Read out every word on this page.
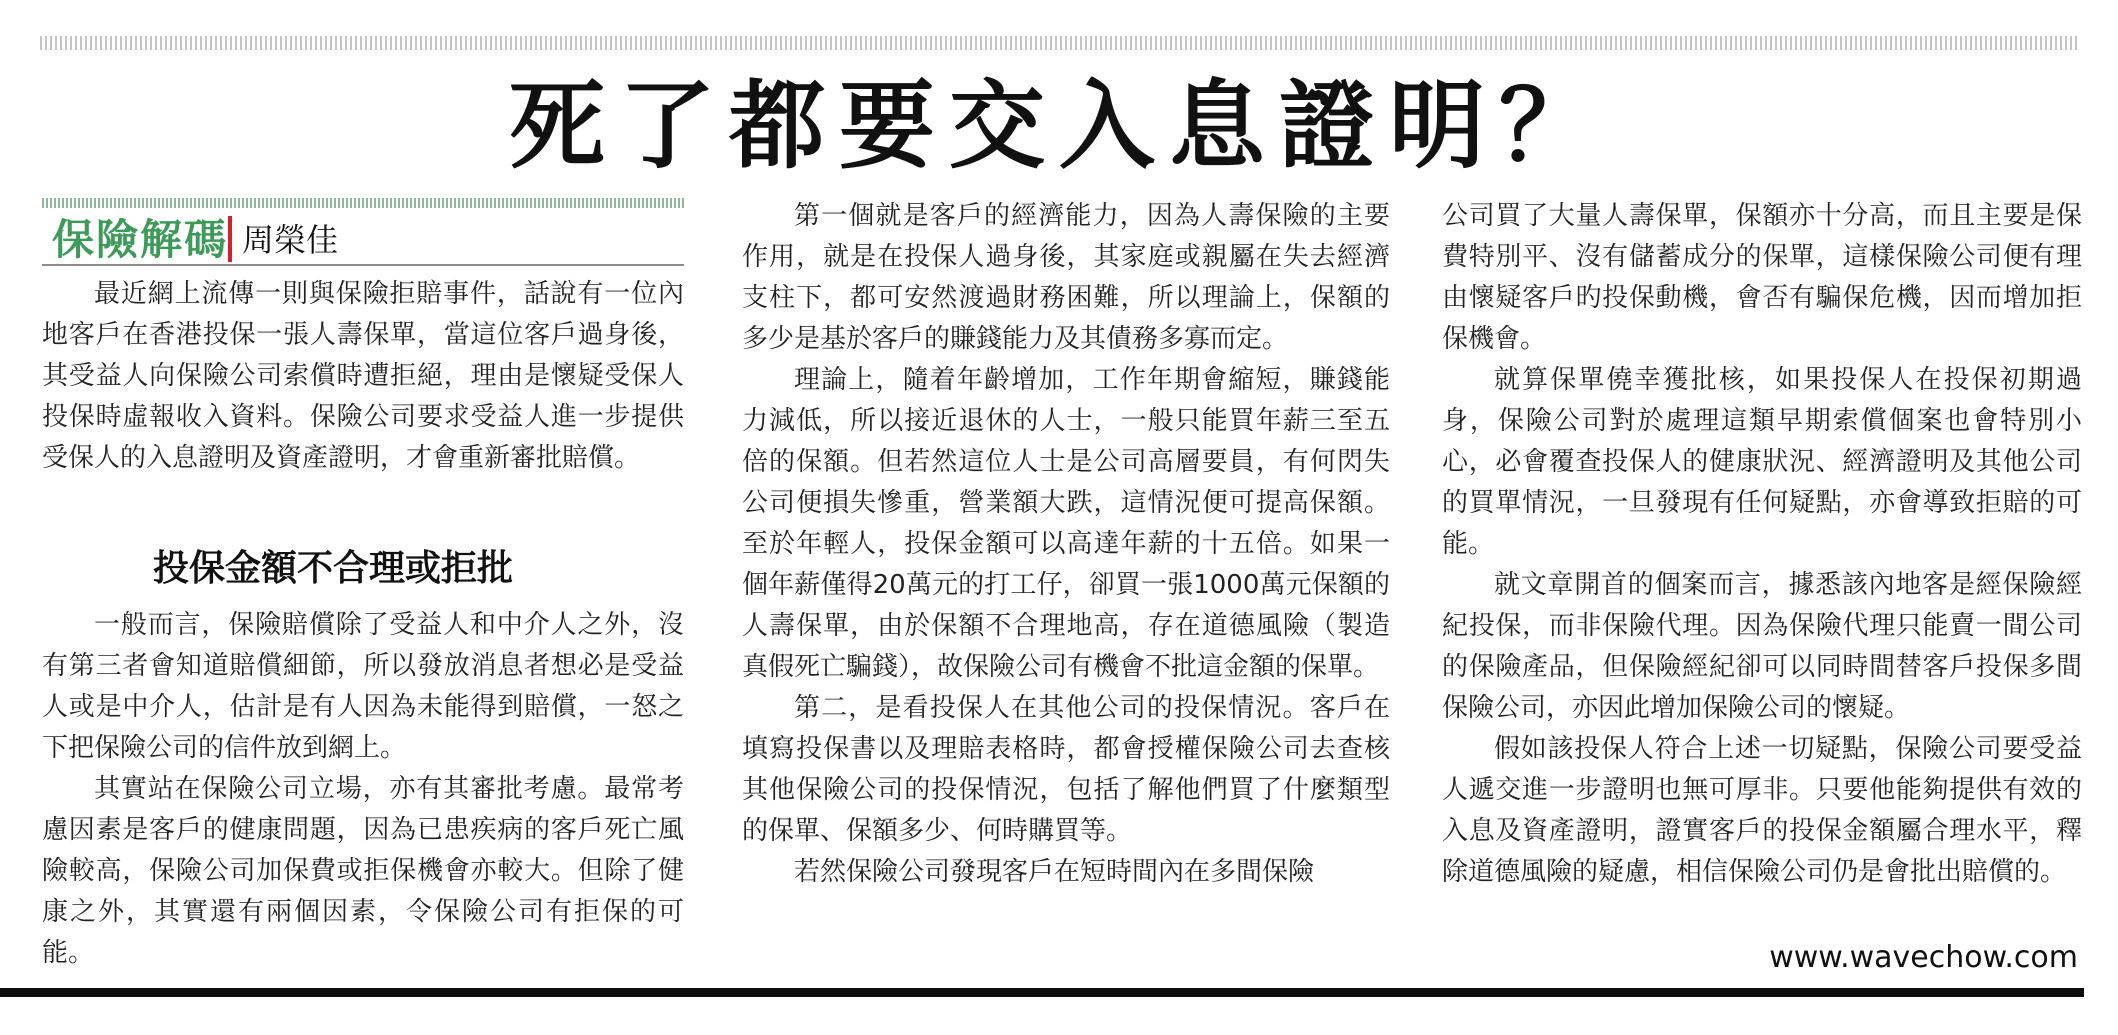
死了都要交入息證明？
保險解碼 周榮佳

最近網上流傳一則與保險拒賠事件，話說有一位內地客戶在香港投保一張人壽保單，當這位客戶過身後，其受益人向保險公司索償時遭拒絕，理由是懷疑受保人投保時虛報收入資料。保險公司要求受益人進一步提供受保人的入息證明及資產證明，才會重新審批賠償。

投保金額不合理或拒批

一般而言，保險賠償除了受益人和中介人之外，沒有第三者會知道賠償細節，所以發放消息者想必是受益人或是中介人，估計是有人因為未能得到賠償，一怒之下把保險公司的信件放到網上。

其實站在保險公司立場，亦有其審批考慮。最常考慮因素是客戶的健康問題，因為已患疾病的客戶死亡風險較高，保險公司加保費或拒保機會亦較大。但除了健康之外，其實還有兩個因素，令保險公司有拒保的可能。

第一個就是客戶的經濟能力，因為人壽保險的主要作用，就是在投保人過身後，其家庭或親屬在失去經濟支柱下，都可安然渡過財務困難，所以理論上，保額的多少是基於客戶的賺錢能力及其債務多寡而定。

理論上，隨着年齡增加，工作年期會縮短，賺錢能力減低，所以接近退休的人士，一般只能買年薪三至五倍的保額。但若然這位人士是公司高層要員，有何閃失公司便損失慘重，營業額大跌，這情況便可提高保額。至於年輕人，投保金額可以高達年薪的十五倍。如果一個年薪僅得20萬元的打工仔，卻買一張1000萬元保額的人壽保單，由於保額不合理地高，存在道德風險（製造真假死亡騙錢），故保險公司有機會不批這金額的保單。

第二，是看投保人在其他公司的投保情況。客戶在填寫投保書以及理賠表格時，都會授權保險公司去查核其他保險公司的投保情況，包括了解他們買了什麼類型的保單、保額多少、何時購買等。

若然保險公司發現客戶在短時間內在多間保險

公司買了大量人壽保單，保額亦十分高，而且主要是保費特別平、沒有儲蓄成分的保單，這樣保險公司便有理由懷疑客戶旳投保動機，會否有騙保危機，因而增加拒保機會。

就算保單僥幸獲批核，如果投保人在投保初期過身，保險公司對於處理這類早期索償個案也會特別小心，必會覆查投保人的健康狀況、經濟證明及其他公司的買單情況，一旦發現有任何疑點，亦會導致拒賠的可能。

就文章開首的個案而言，據悉該內地客是經保險經紀投保，而非保險代理。因為保險代理只能賣一間公司的保險產品，但保險經紀卻可以同時間替客戶投保多間保險公司，亦因此增加保險公司的懷疑。

假如該投保人符合上述一切疑點，保險公司要受益人遞交進一步證明也無可厚非。只要他能夠提供有效的入息及資產證明，證實客戶的投保金額屬合理水平，釋除道德風險的疑慮，相信保險公司仍是會批出賠償的。

www.wavechow.com
